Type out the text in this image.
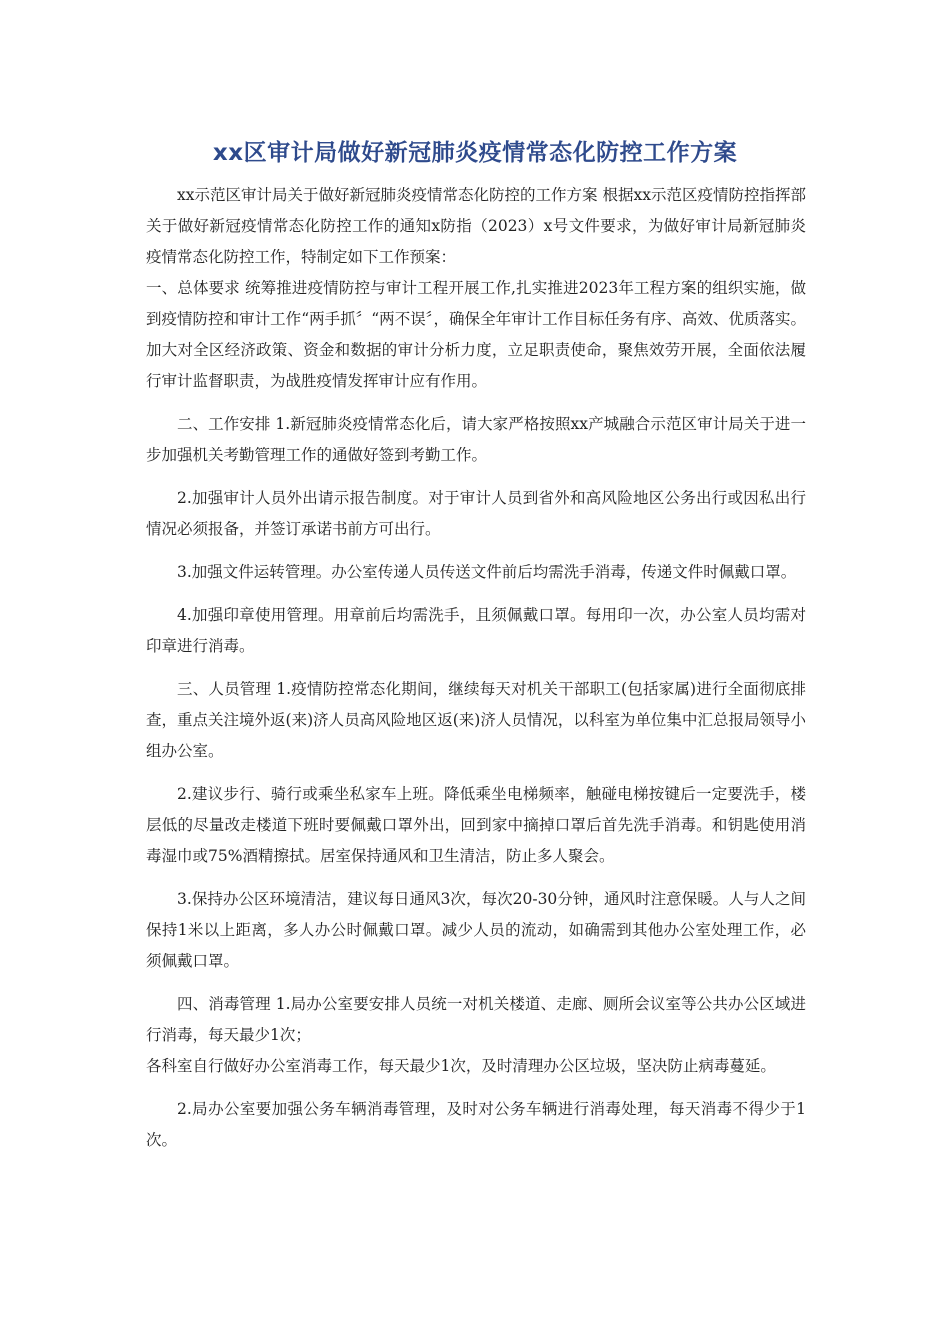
xx区审计局做好新冠肺炎疫情常态化防控工作方案

xx示范区审计局关于做好新冠肺炎疫情常态化防控的工作方案 根据xx示范区疫情防控指挥部关于做好新冠疫情常态化防控工作的通知x防指（2023）x号文件要求，为做好审计局新冠肺炎疫情常态化防控工作，特制定如下工作预案：

一、总体要求 统筹推进疫情防控与审计工程开展工作,扎实推进2023年工程方案的组织实施，做到疫情防控和审计工作“两手抓〞“两不误〞，确保全年审计工作目标任务有序、高效、优质落实。加大对全区经济政策、资金和数据的审计分析力度，立足职责使命，聚焦效劳开展，全面依法履行审计监督职责，为战胜疫情发挥审计应有作用。

二、工作安排 1.新冠肺炎疫情常态化后，请大家严格按照xx产城融合示范区审计局关于进一步加强机关考勤管理工作的通做好签到考勤工作。

2.加强审计人员外出请示报告制度。对于审计人员到省外和高风险地区公务出行或因私出行情况必须报备，并签订承诺书前方可出行。

3.加强文件运转管理。办公室传递人员传送文件前后均需洗手消毒，传递文件时佩戴口罩。

4.加强印章使用管理。用章前后均需洗手，且须佩戴口罩。每用印一次，办公室人员均需对印章进行消毒。

三、人员管理 1.疫情防控常态化期间，继续每天对机关干部职工(包括家属)进行全面彻底排查，重点关注境外返(来)济人员高风险地区返(来)济人员情况，以科室为单位集中汇总报局领导小组办公室。

2.建议步行、骑行或乘坐私家车上班。降低乘坐电梯频率，触碰电梯按键后一定要洗手，楼层低的尽量改走楼道下班时要佩戴口罩外出，回到家中摘掉口罩后首先洗手消毒。和钥匙使用消毒湿巾或75%酒精擦拭。居室保持通风和卫生清洁，防止多人聚会。

3.保持办公区环境清洁，建议每日通风3次，每次20-30分钟，通风时注意保暖。人与人之间保持1米以上距离，多人办公时佩戴口罩。减少人员的流动，如确需到其他办公室处理工作，必须佩戴口罩。

四、消毒管理 1.局办公室要安排人员统一对机关楼道、走廊、厕所会议室等公共办公区域进行消毒，每天最少1次；

各科室自行做好办公室消毒工作，每天最少1次，及时清理办公区垃圾，坚决防止病毒蔓延。

2.局办公室要加强公务车辆消毒管理，及时对公务车辆进行消毒处理，每天消毒不得少于1次。
